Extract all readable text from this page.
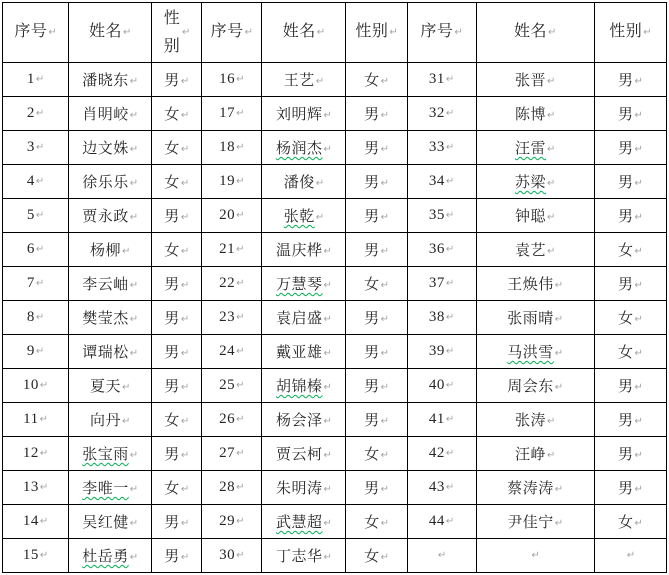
序号↵	姓名↵	性别↵	序号↵	姓名↵	性别↵	序号↵	姓名↵	性别↵
1↵	潘晓东↵	男↵	16↵	王艺↵	女↵	31↵	张晋↵	男↵
2↵	肖明峧↵	女↵	17↵	刘明辉↵	男↵	32↵	陈博↵	男↵
3↵	边文姝↵	女↵	18↵	杨润杰↵	男↵	33↵	汪雷↵	男↵
4↵	徐乐乐↵	女↵	19↵	潘俊↵	男↵	34↵	苏梁↵	男↵
5↵	贾永政↵	男↵	20↵	张乾↵	男↵	35↵	钟聪↵	男↵
6↵	杨柳↵	女↵	21↵	温庆桦↵	男↵	36↵	袁艺↵	女↵
7↵	李云岫↵	男↵	22↵	万慧琴↵	女↵	37↵	王焕伟↵	男↵
8↵	樊莹杰↵	男↵	23↵	袁启盛↵	男↵	38↵	张雨晴↵	女↵
9↵	谭瑞松↵	男↵	24↵	戴亚雄↵	男↵	39↵	马洪雪↵	女↵
10↵	夏天↵	男↵	25↵	胡锦榛↵	男↵	40↵	周会东↵	男↵
11↵	向丹↵	女↵	26↵	杨会泽↵	男↵	41↵	张涛↵	男↵
12↵	张宝雨↵	男↵	27↵	贾云柯↵	女↵	42↵	汪峥↵	男↵
13↵	李唯一↵	女↵	28↵	朱明涛↵	男↵	43↵	蔡涛涛↵	男↵
14↵	吴红健↵	男↵	29↵	武慧超↵	女↵	44↵	尹佳宁↵	女↵
15↵	杜岳勇↵	男↵	30↵	丁志华↵	女↵	↵	↵	↵
